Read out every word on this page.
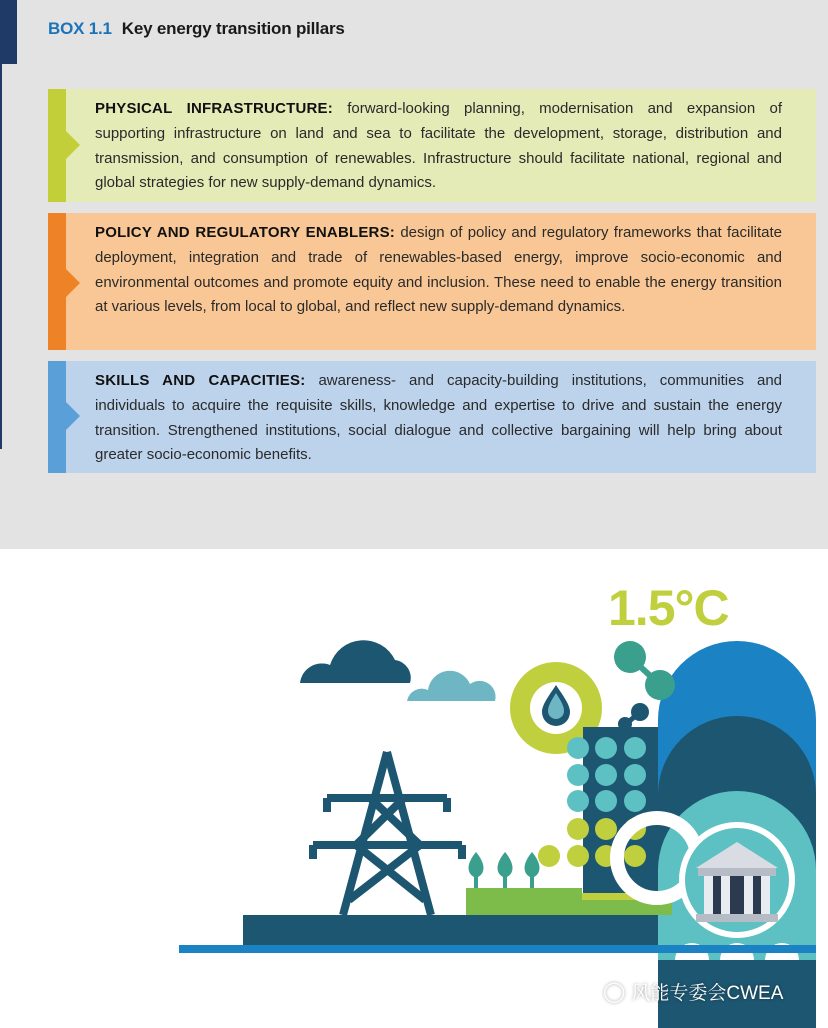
BOX 1.1 Key energy transition pillars

PHYSICAL INFRASTRUCTURE: forward-looking planning, modernisation and expansion of supporting infrastructure on land and sea to facilitate the development, storage, distribution and transmission, and consumption of renewables. Infrastructure should facilitate national, regional and global strategies for new supply-demand dynamics.

POLICY AND REGULATORY ENABLERS: design of policy and regulatory frameworks that facilitate deployment, integration and trade of renewables-based energy, improve socio-economic and environmental outcomes and promote equity and inclusion. These need to enable the energy transition at various levels, from local to global, and reflect new supply-demand dynamics.

SKILLS AND CAPACITIES: awareness- and capacity-building institutions, communities and individuals to acquire the requisite skills, knowledge and expertise to drive and sustain the energy transition. Strengthened institutions, social dialogue and collective bargaining will help bring about greater socio-economic benefits.

1.5°C
◯ 风能专委会CWEA
